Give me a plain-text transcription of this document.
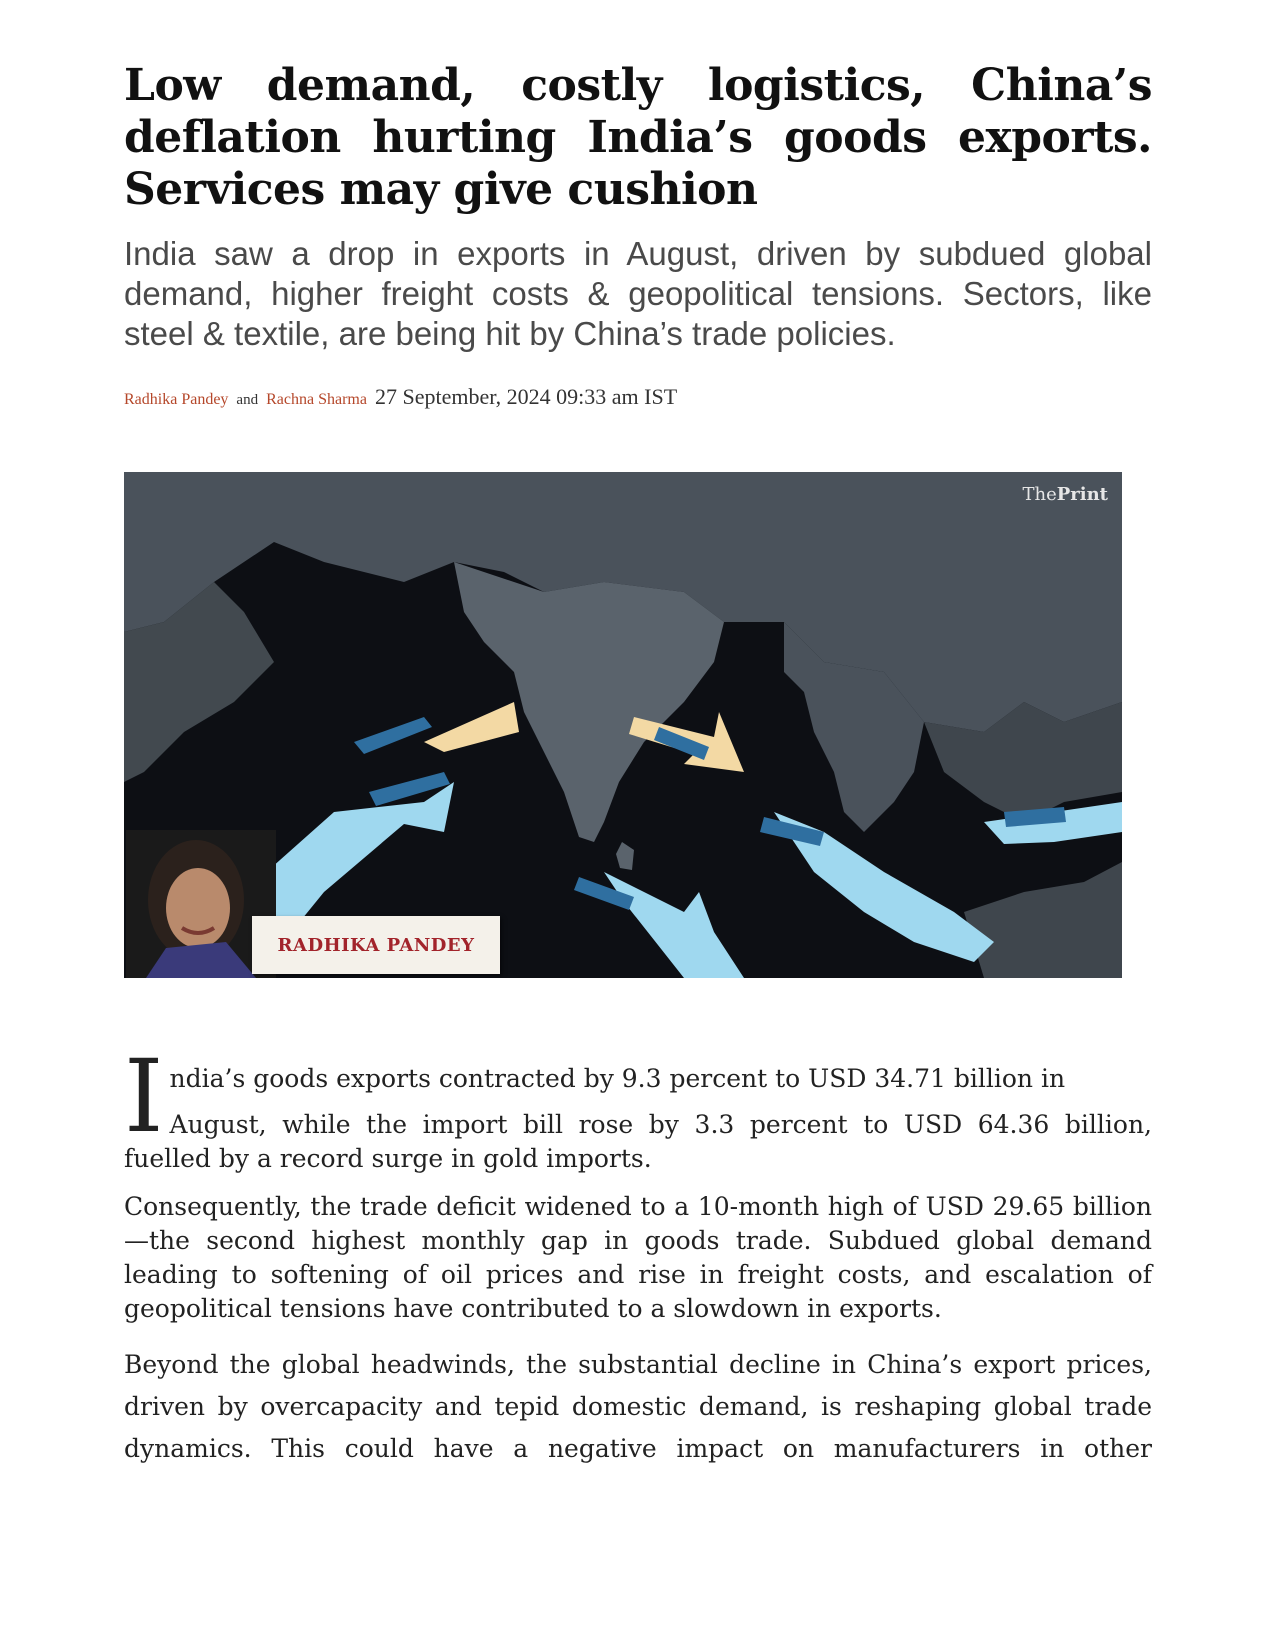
Low demand, costly logistics, China’s deflation hurting India’s goods exports. Services may give cushion

India saw a drop in exports in August, driven by subdued global demand, higher freight costs & geopolitical tensions. Sectors, like steel & textile, are being hit by China’s trade policies.

Radhika Pandey and Rachna Sharma 27 September, 2024 09:33 am IST
ThePrint
RADHIKA PANDEY

India’s goods exports contracted by 9.3 percent to USD 34.71 billion in

August, while the import bill rose by 3.3 percent to USD 64.36 billion, fuelled by a record surge in gold imports.

Consequently, the trade deficit widened to a 10-month high of USD 29.65 billion—the second highest monthly gap in goods trade. Subdued global demand leading to softening of oil prices and rise in freight costs, and escalation of geopolitical tensions have contributed to a slowdown in exports.

Beyond the global headwinds, the substantial decline in China’s export prices, driven by overcapacity and tepid domestic demand, is reshaping global trade dynamics. This could have a negative impact on manufacturers in other
